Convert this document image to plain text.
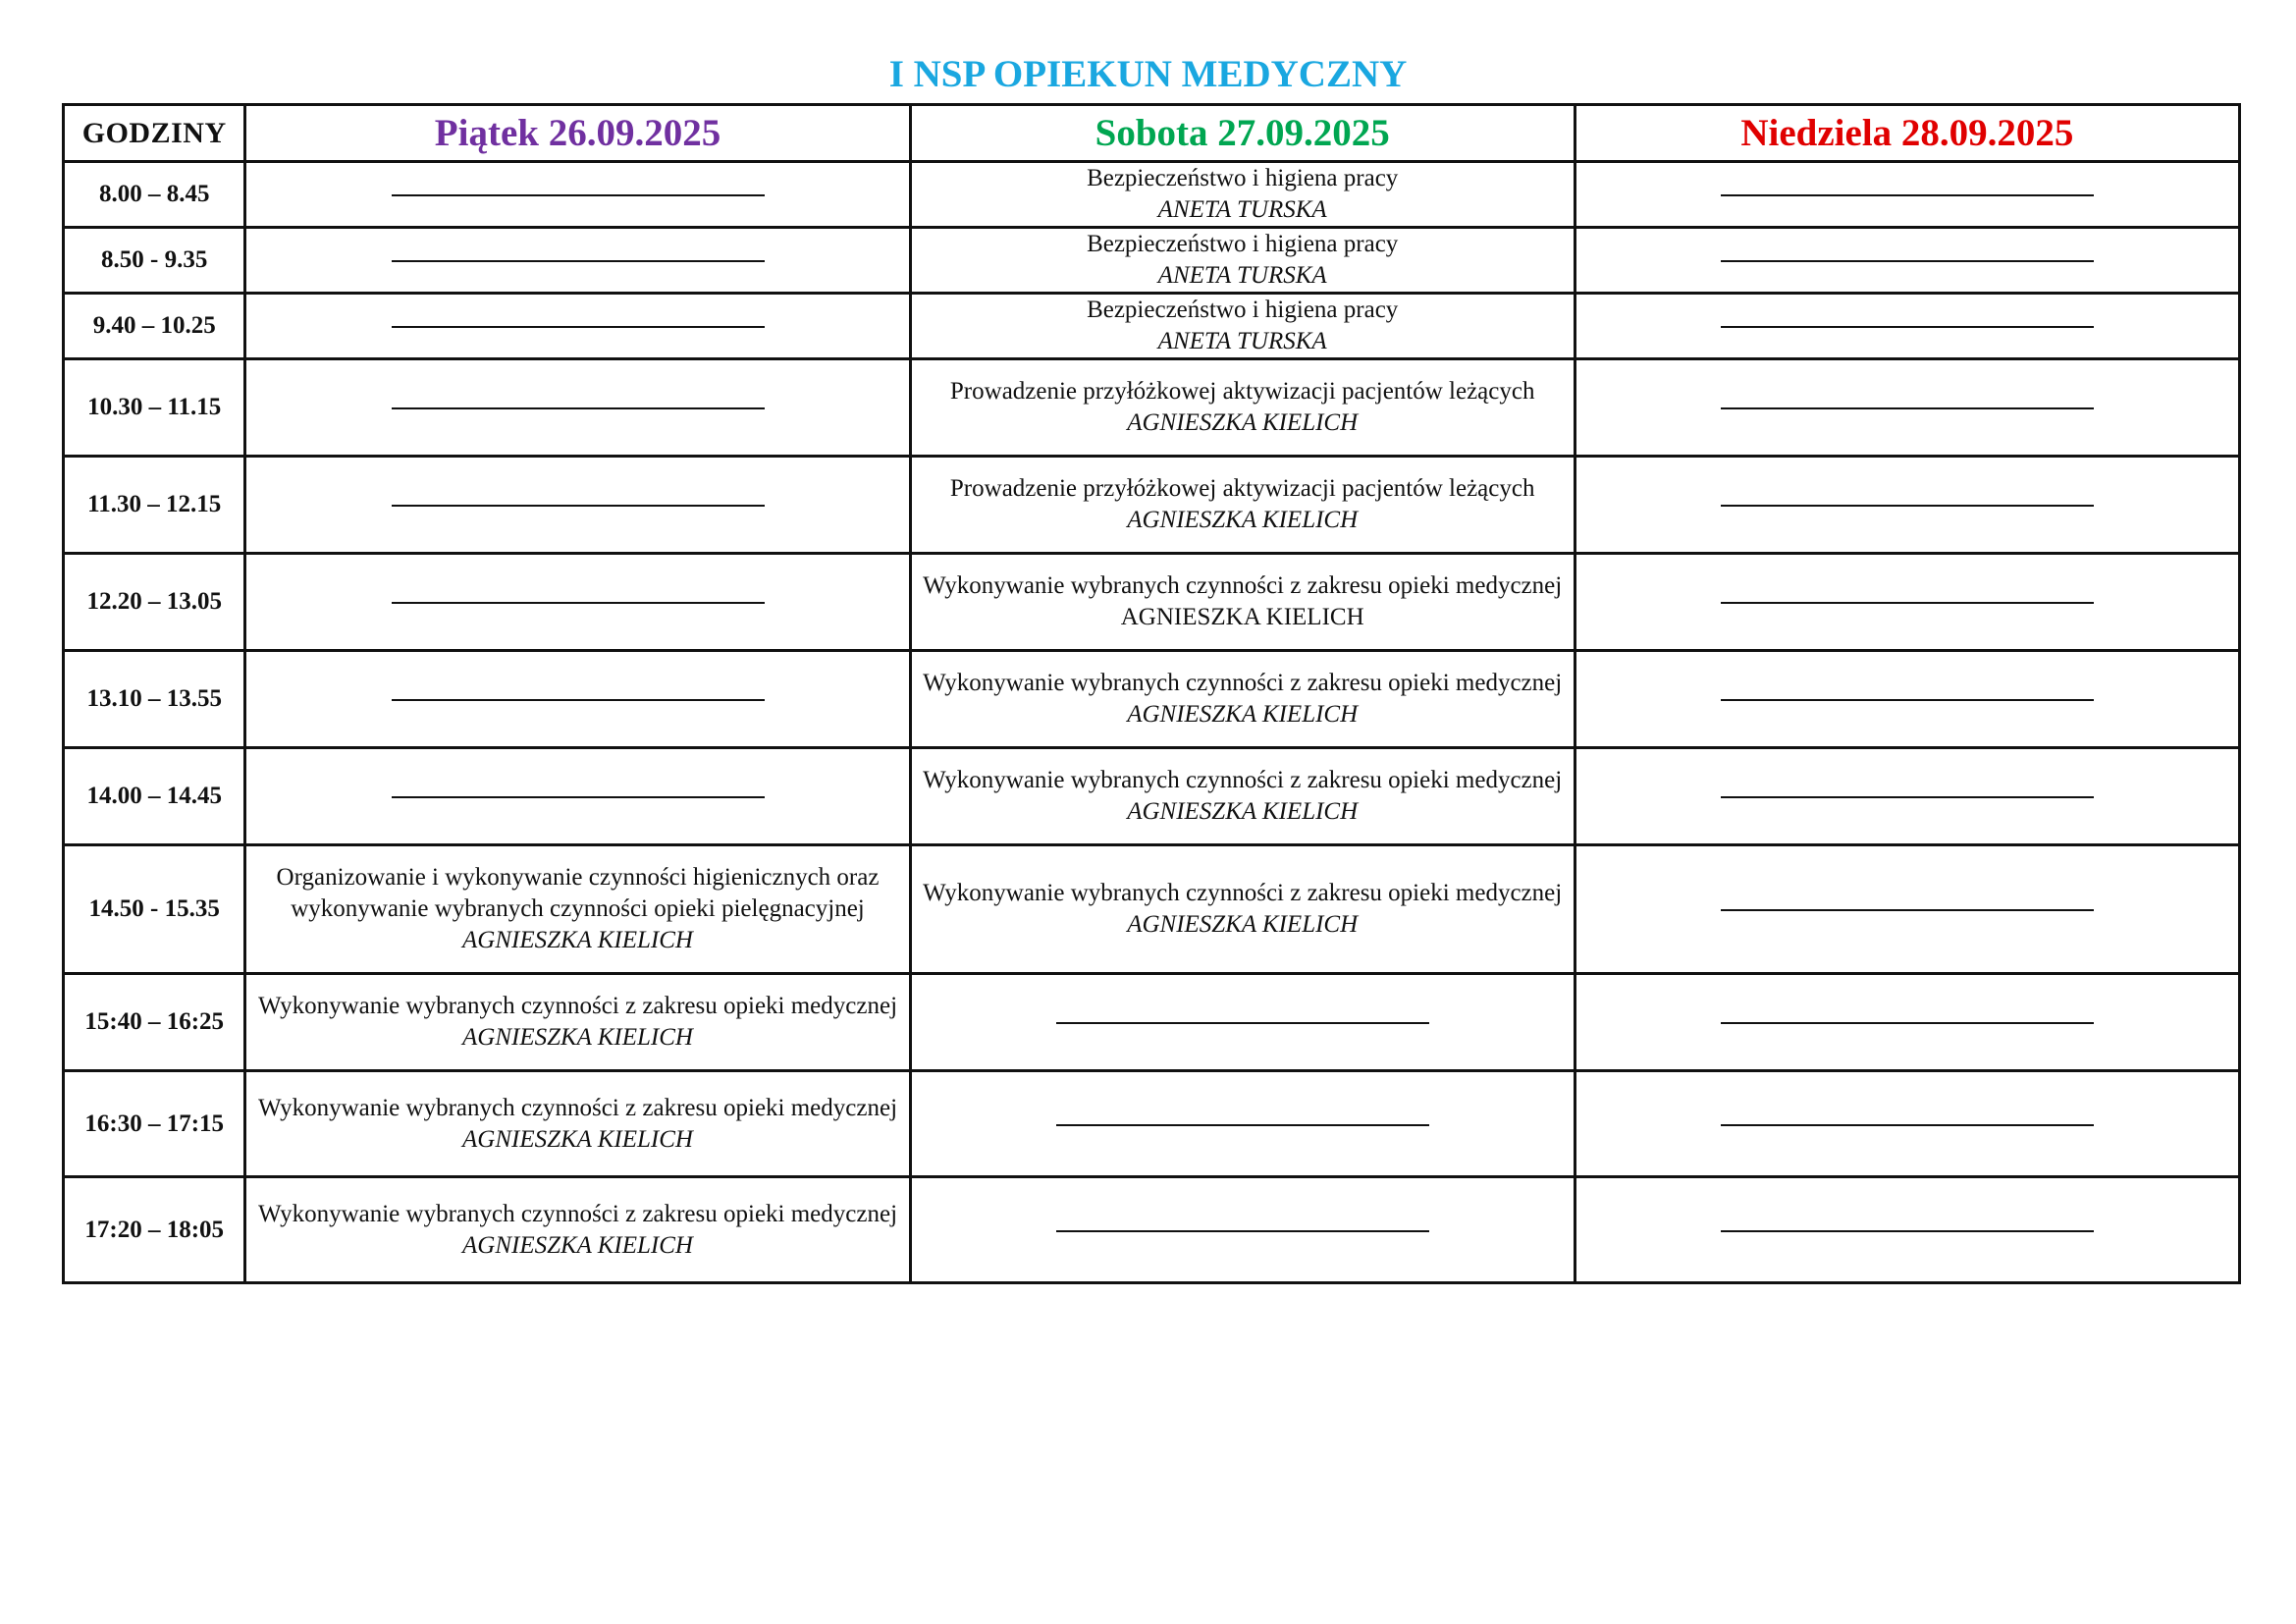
I NSP OPIEKUN MEDYCZNY
GODZINY	Piątek 26.09.2025	Sobota 27.09.2025	Niedziela 28.09.2025
8.00 – 8.45		Bezpieczeństwo i higiena pracy
ANETA TURSKA	

8.50 - 9.35		Bezpieczeństwo i higiena pracy
ANETA TURSKA	

9.40 – 10.25		Bezpieczeństwo i higiena pracy
ANETA TURSKA	

10.30 – 11.15		Prowadzenie przyłóżkowej aktywizacji pacjentów leżących
AGNIESZKA KIELICH	

11.30 – 12.15		Prowadzenie przyłóżkowej aktywizacji pacjentów leżących
AGNIESZKA KIELICH	

12.20 – 13.05		Wykonywanie wybranych czynności z zakresu opieki medycznej
AGNIESZKA KIELICH	

13.10 – 13.55		Wykonywanie wybranych czynności z zakresu opieki medycznej
AGNIESZKA KIELICH	

14.00 – 14.45		Wykonywanie wybranych czynności z zakresu opieki medycznej
AGNIESZKA KIELICH	

14.50 - 15.35	Organizowanie i wykonywanie czynności higienicznych oraz wykonywanie wybranych czynności opieki pielęgnacyjnej
AGNIESZKA KIELICH	Wykonywanie wybranych czynności z zakresu opieki medycznej
AGNIESZKA KIELICH	

15:40 – 16:25	Wykonywanie wybranych czynności z zakresu opieki medycznej
AGNIESZKA KIELICH		

16:30 – 17:15	Wykonywanie wybranych czynności z zakresu opieki medycznej
AGNIESZKA KIELICH		

17:20 – 18:05	Wykonywanie wybranych czynności z zakresu opieki medycznej
AGNIESZKA KIELICH		
